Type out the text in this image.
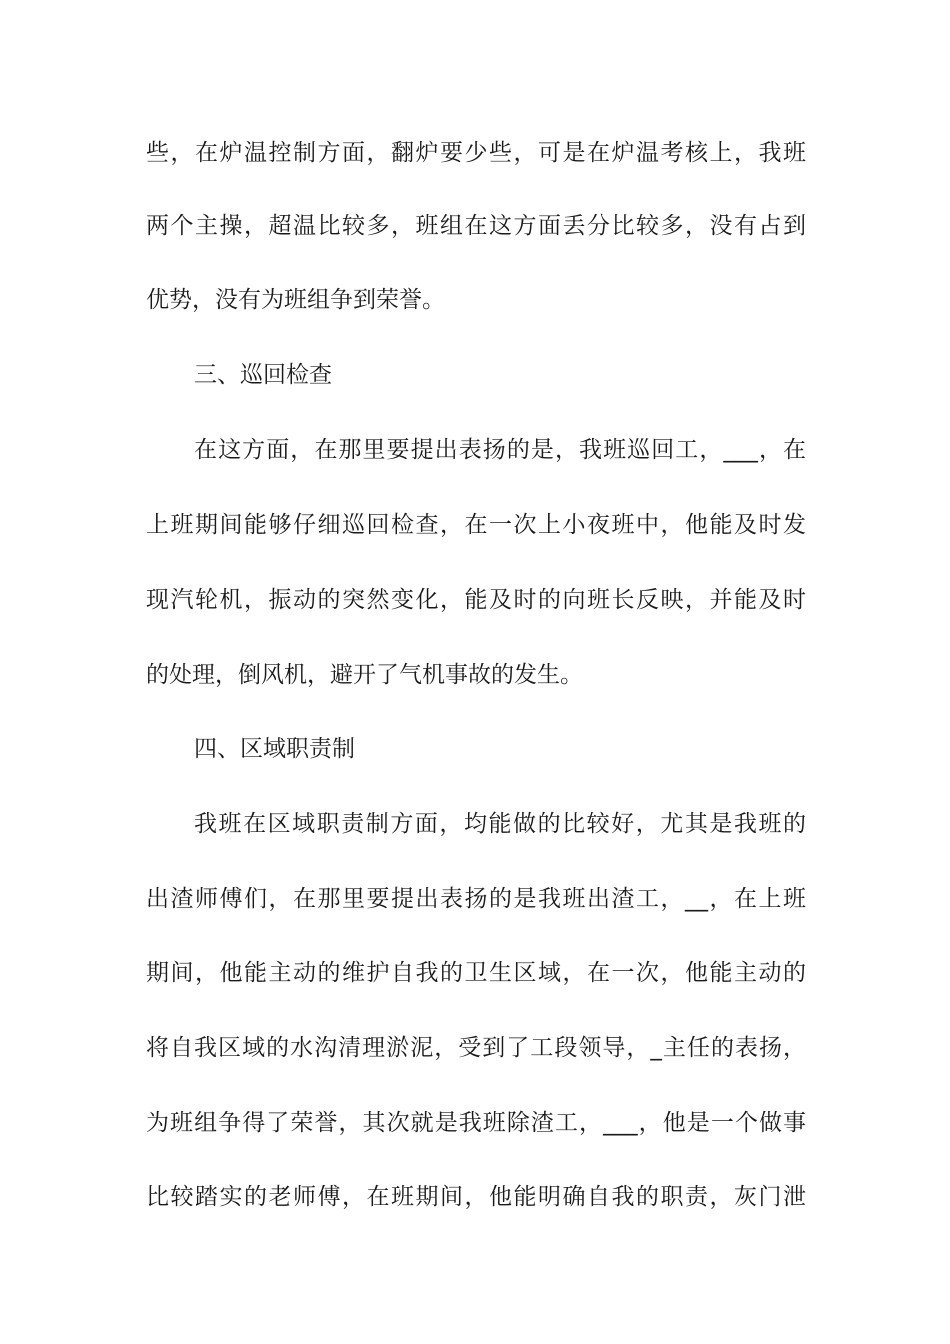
些，在炉温控制方面，翻炉要少些，可是在炉温考核上，我班
两个主操，超温比较多，班组在这方面丢分比较多，没有占到
优势，没有为班组争到荣誉。
三、巡回检查
在这方面，在那里要提出表扬的是，我班巡回工，___，在
上班期间能够仔细巡回检查，在一次上小夜班中，他能及时发
现汽轮机，振动的突然变化，能及时的向班长反映，并能及时
的处理，倒风机，避开了气机事故的发生。
四、区域职责制
我班在区域职责制方面，均能做的比较好，尤其是我班的
出渣师傅们，在那里要提出表扬的是我班出渣工，__，在上班
期间，他能主动的维护自我的卫生区域，在一次，他能主动的
将自我区域的水沟清理淤泥，受到了工段领导，_主任的表扬，
为班组争得了荣誉，其次就是我班除渣工，___，他是一个做事
比较踏实的老师傅，在班期间，他能明确自我的职责，灰门泄
